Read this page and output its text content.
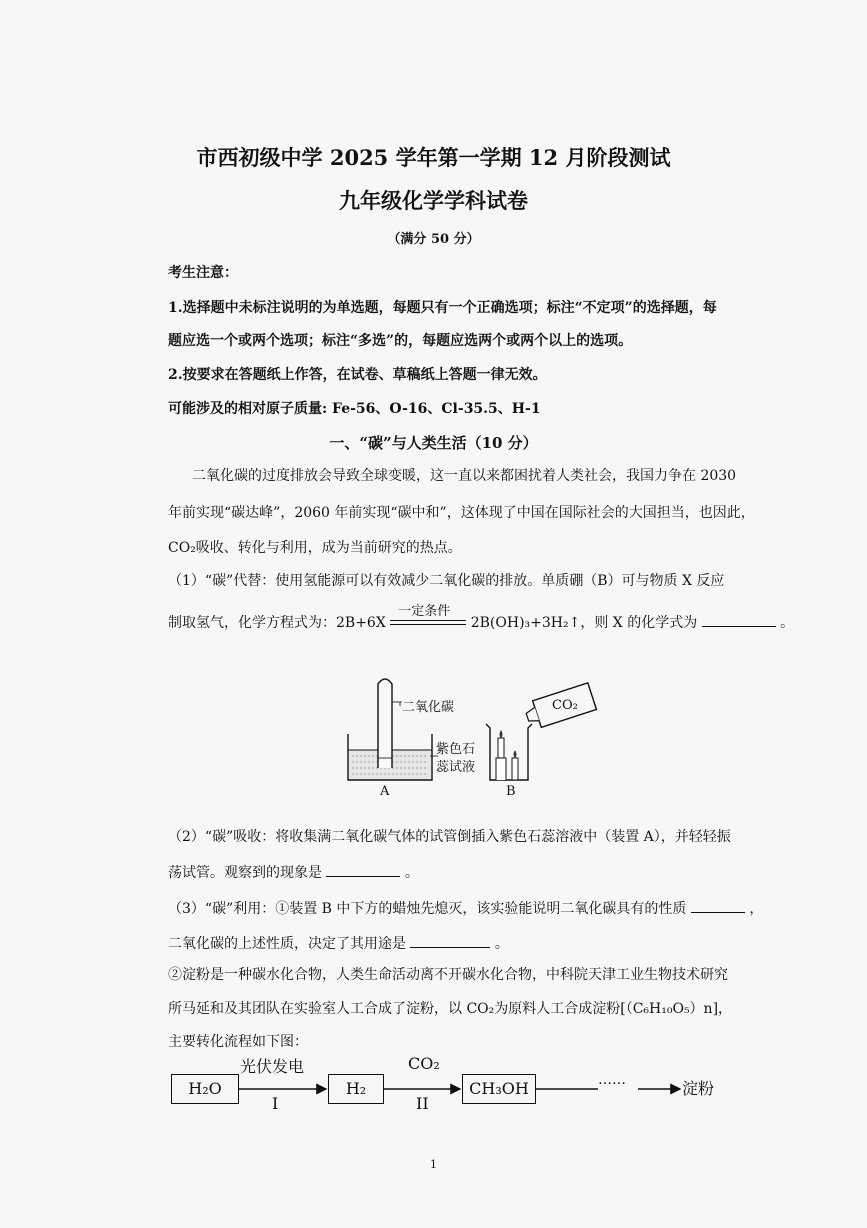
市西初级中学 2025 学年第一学期 12 月阶段测试
九年级化学学科试卷
（满分 50 分）
考生注意：
1.选择题中未标注说明的为单选题，每题只有一个正确选项；标注“不定项”的选择题，每
题应选一个或两个选项；标注“多选”的，每题应选两个或两个以上的选项。
2.按要求在答题纸上作答，在试卷、草稿纸上答题一律无效。
可能涉及的相对原子质量: Fe-56、O-16、Cl-35.5、H-1
一、“碳”与人类生活（10 分）
二氧化碳的过度排放会导致全球变暖，这一直以来都困扰着人类社会，我国力争在 2030
年前实现“碳达峰”，2060 年前实现“碳中和”，这体现了中国在国际社会的大国担当，也因此，
CO₂吸收、转化与利用，成为当前研究的热点。
（1）“碳”代替：使用氢能源可以有效减少二氧化碳的排放。单质硼（B）可与物质 X 反应
制取氢气，化学方程式为：2B+6X
一定条件
2B(OH)₃+3H₂↑，则 X 的化学式为	。
二氧化碳
紫色石
蕊试液
A
CO₂
B
（2）“碳”吸收：将收集满二氧化碳气体的试管倒插入紫色石蕊溶液中（装置 A），并轻轻振
荡试管。观察到的现象是	。
（3）“碳”利用：①装置 B 中下方的蜡烛先熄灭，该实验能说明二氧化碳具有的性质	，
二氧化碳的上述性质，决定了其用途是	。
②淀粉是一种碳水化合物，人类生命活动离不开碳水化合物，中科院天津工业生物技术研究
所马延和及其团队在实验室人工合成了淀粉，以 CO₂为原料人工合成淀粉[（C₆H₁₀O₅）n]，
主要转化流程如下图：
H₂O
光伏发电
I
H₂
CO₂
II
CH₃OH	……	淀粉
1
